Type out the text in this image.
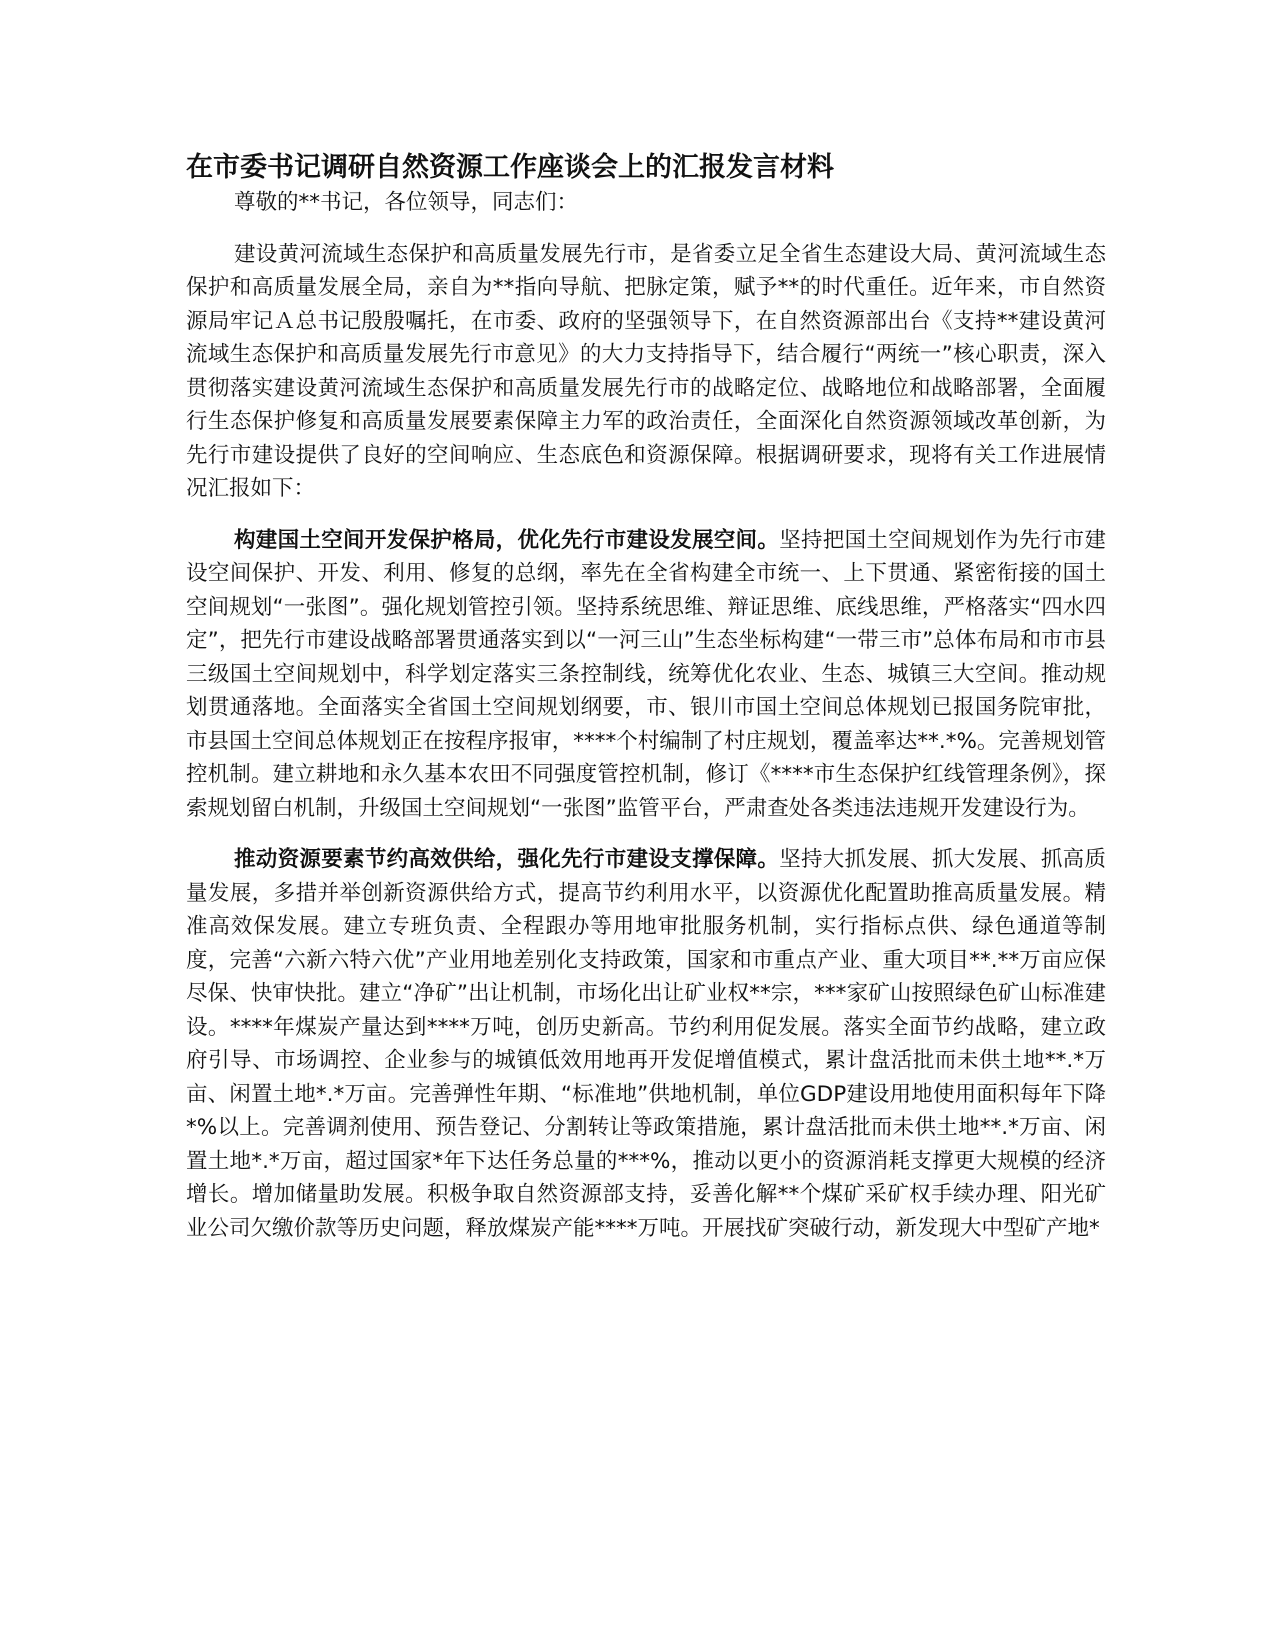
在市委书记调研自然资源工作座谈会上的汇报发言材料

尊敬的**书记，各位领导，同志们：

建设黄河流域生态保护和高质量发展先行市，是省委立足全省生态建设大局、黄河流域生态保护和高质量发展全局，亲自为**指向导航、把脉定策，赋予**的时代重任。近年来，市自然资源局牢记Ａ总书记殷殷嘱托，在市委、政府的坚强领导下，在自然资源部出台《支持**建设黄河流域生态保护和高质量发展先行市意见》的大力支持指导下，结合履行“两统一”核心职责，深入贯彻落实建设黄河流域生态保护和高质量发展先行市的战略定位、战略地位和战略部署，全面履行生态保护修复和高质量发展要素保障主力军的政治责任，全面深化自然资源领域改革创新，为先行市建设提供了良好的空间响应、生态底色和资源保障。根据调研要求，现将有关工作进展情况汇报如下：

构建国土空间开发保护格局，优化先行市建设发展空间。坚持把国土空间规划作为先行市建设空间保护、开发、利用、修复的总纲，率先在全省构建全市统一、上下贯通、紧密衔接的国土空间规划“一张图”。强化规划管控引领。坚持系统思维、辩证思维、底线思维，严格落实“四水四定”，把先行市建设战略部署贯通落实到以“一河三山”生态坐标构建“一带三市”总体布局和市市县三级国土空间规划中，科学划定落实三条控制线，统筹优化农业、生态、城镇三大空间。推动规划贯通落地。全面落实全省国土空间规划纲要，市、银川市国土空间总体规划已报国务院审批，市县国土空间总体规划正在按程序报审，****个村编制了村庄规划，覆盖率达**.*%。完善规划管控机制。建立耕地和永久基本农田不同强度管控机制，修订《****市生态保护红线管理条例》，探索规划留白机制，升级国土空间规划“一张图”监管平台，严肃查处各类违法违规开发建设行为。

推动资源要素节约高效供给，强化先行市建设支撑保障。坚持大抓发展、抓大发展、抓高质量发展，多措并举创新资源供给方式，提高节约利用水平，以资源优化配置助推高质量发展。精准高效保发展。建立专班负责、全程跟办等用地审批服务机制，实行指标点供、绿色通道等制度，完善“六新六特六优”产业用地差别化支持政策，国家和市重点产业、重大项目**.**万亩应保尽保、快审快批。建立“净矿”出让机制，市场化出让矿业权**宗，***家矿山按照绿色矿山标准建设。****年煤炭产量达到****万吨，创历史新高。节约利用促发展。落实全面节约战略，建立政府引导、市场调控、企业参与的城镇低效用地再开发促增值模式，累计盘活批而未供土地**.*万亩、闲置土地*.*万亩。完善弹性年期、“标准地”供地机制，单位GDP建设用地使用面积每年下降*%以上。完善调剂使用、预告登记、分割转让等政策措施，累计盘活批而未供土地**.*万亩、闲置土地*.*万亩，超过国家*年下达任务总量的***%，推动以更小的资源消耗支撑更大规模的经济增长。增加储量助发展。积极争取自然资源部支持，妥善化解**个煤矿采矿权手续办理、阳光矿业公司欠缴价款等历史问题，释放煤炭产能****万吨。开展找矿突破行动，新发现大中型矿产地*
